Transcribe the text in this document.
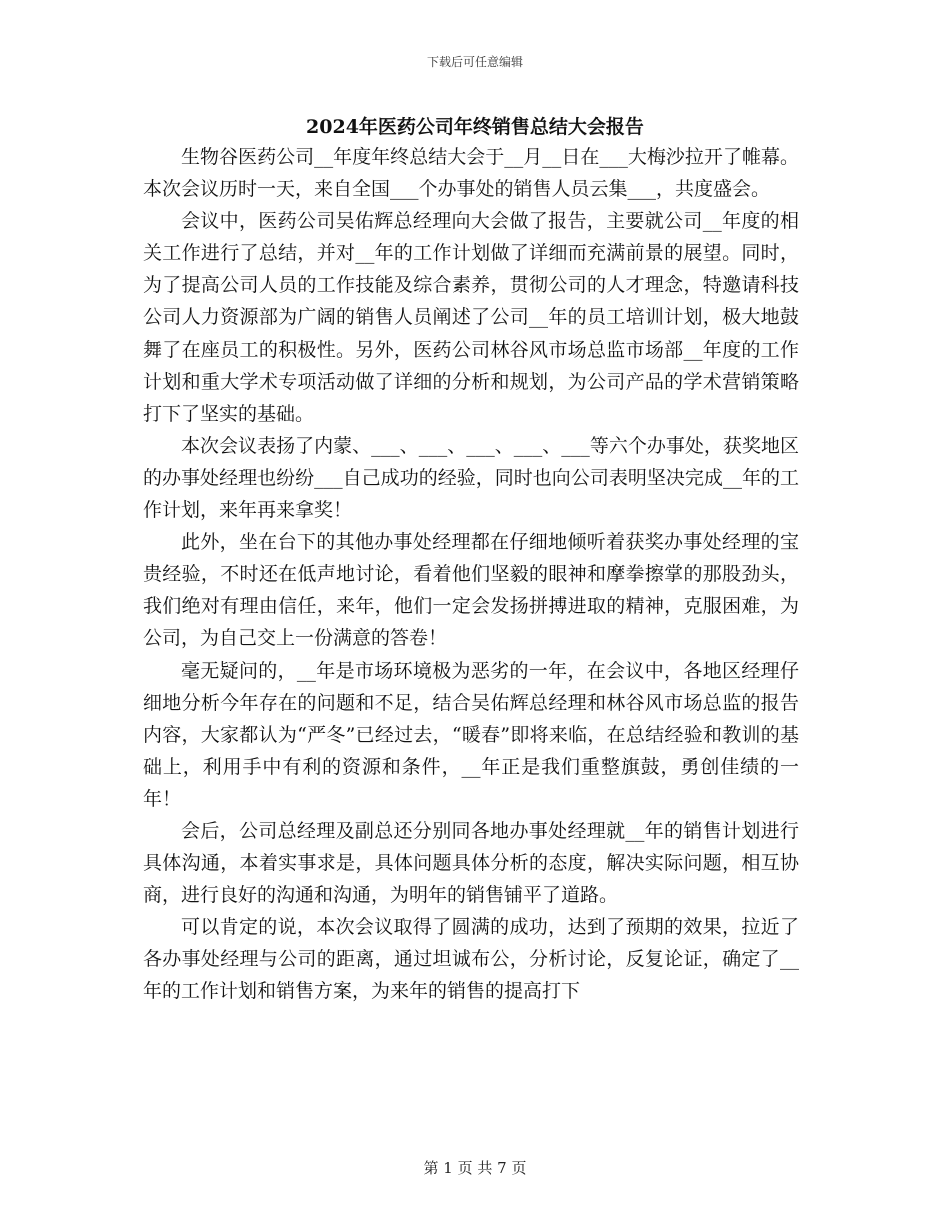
下载后可任意编辑
2024年医药公司年终销售总结大会报告

生物谷医药公司__年度年终总结大会于__月__日在___大梅沙拉开了帷幕。本次会议历时一天，来自全国___个办事处的销售人员云集___，共度盛会。

会议中，医药公司吴佑辉总经理向大会做了报告，主要就公司__年度的相关工作进行了总结，并对__年的工作计划做了详细而充满前景的展望。同时，为了提高公司人员的工作技能及综合素养，贯彻公司的人才理念，特邀请科技公司人力资源部为广阔的销售人员阐述了公司__年的员工培训计划，极大地鼓舞了在座员工的积极性。另外，医药公司林谷风市场总监市场部__年度的工作计划和重大学术专项活动做了详细的分析和规划，为公司产品的学术营销策略打下了坚实的基础。

本次会议表扬了内蒙、___、___、___、___、___等六个办事处，获奖地区的办事处经理也纷纷___自己成功的经验，同时也向公司表明坚决完成__年的工作计划，来年再来拿奖！

此外，坐在台下的其他办事处经理都在仔细地倾听着获奖办事处经理的宝贵经验，不时还在低声地讨论，看着他们坚毅的眼神和摩拳擦掌的那股劲头，我们绝对有理由信任，来年，他们一定会发扬拼搏进取的精神，克服困难，为公司，为自己交上一份满意的答卷！

毫无疑问的，__年是市场环境极为恶劣的一年，在会议中，各地区经理仔细地分析今年存在的问题和不足，结合吴佑辉总经理和林谷风市场总监的报告内容，大家都认为“严冬”已经过去，“暖春”即将来临，在总结经验和教训的基础上，利用手中有利的资源和条件，__年正是我们重整旗鼓，勇创佳绩的一年！

会后，公司总经理及副总还分别同各地办事处经理就__年的销售计划进行具体沟通，本着实事求是，具体问题具体分析的态度，解决实际问题，相互协商，进行良好的沟通和沟通，为明年的销售铺平了道路。

可以肯定的说，本次会议取得了圆满的成功，达到了预期的效果，拉近了各办事处经理与公司的距离，通过坦诚布公，分析讨论，反复论证，确定了__年的工作计划和销售方案，为来年的销售的提高打下

第 1 页 共 7 页
